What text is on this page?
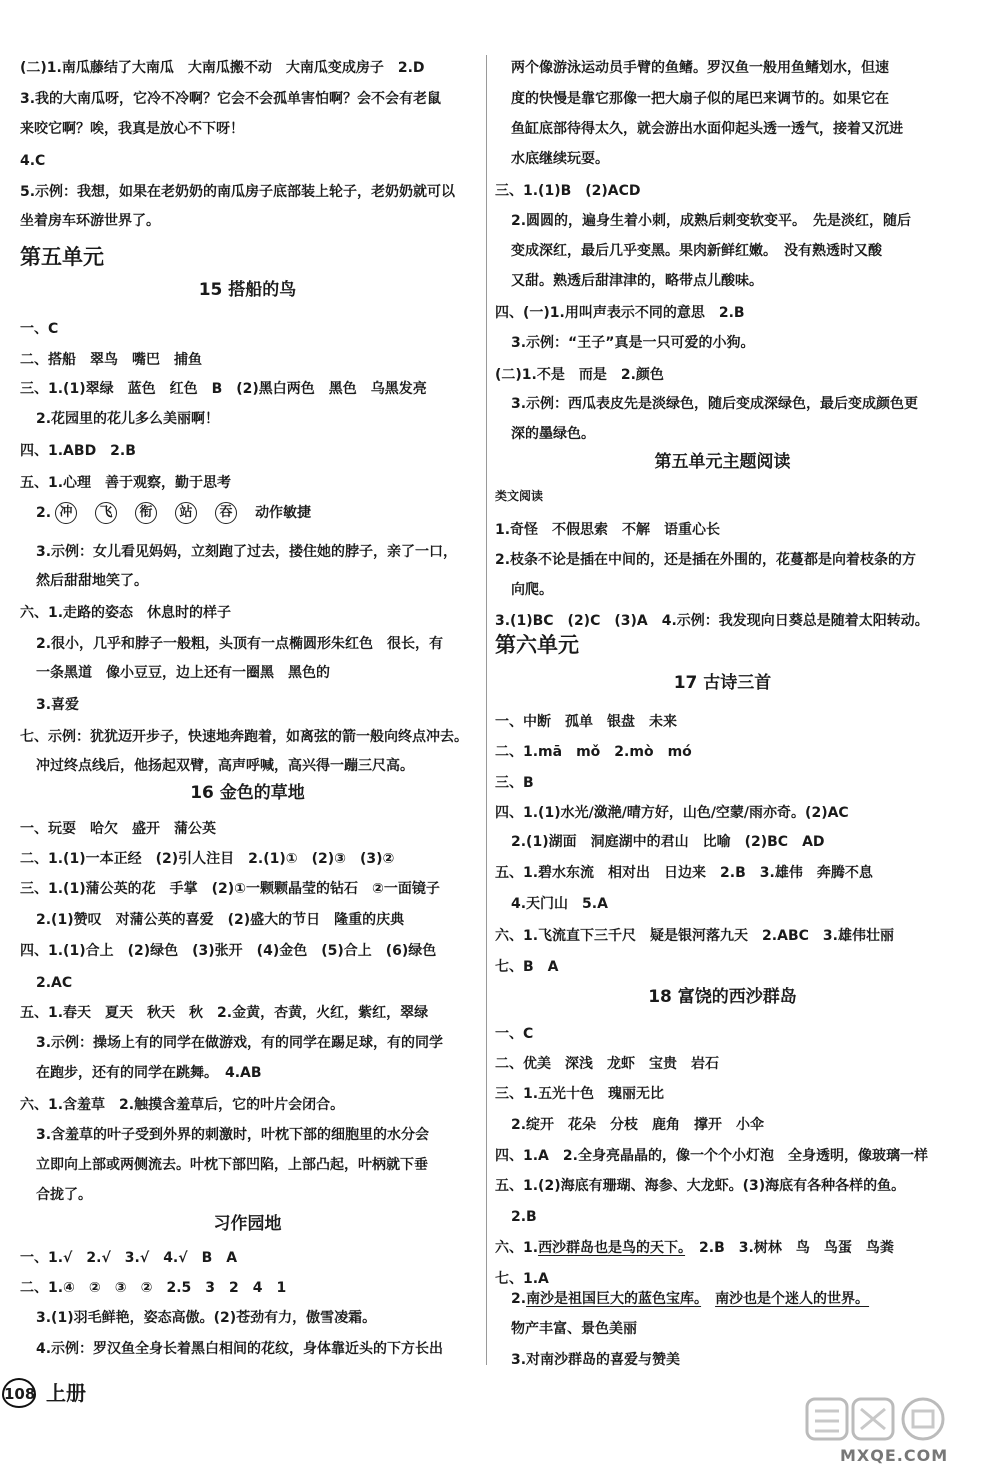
(二)1.南瓜藤结了大南瓜　大南瓜搬不动　大南瓜变成房子　2.D
3.我的大南瓜呀，它冷不冷啊？它会不会孤单害怕啊？会不会有老鼠
来咬它啊？唉，我真是放心不下呀！
4.C
5.示例：我想，如果在老奶奶的南瓜房子底部装上轮子，老奶奶就可以
坐着房车环游世界了。
第五单元
15 搭船的鸟
一、C
二、搭船　翠鸟　嘴巴　捕鱼
三、1.(1)翠绿　蓝色　红色　B　(2)黑白两色　黑色　乌黑发亮
2.花园里的花儿多么美丽啊！
四、1.ABD　2.B
五、1.心理　善于观察，勤于思考
2. 冲 飞 衔 站 吞 动作敏捷
3.示例：女儿看见妈妈，立刻跑了过去，搂住她的脖子，亲了一口，
然后甜甜地笑了。
六、1.走路的姿态　休息时的样子
2.很小，几乎和脖子一般粗，头顶有一点椭圆形朱红色　很长，有
一条黑道　像小豆豆，边上还有一圈黑　黑色的
3.喜爱
七、示例：犹犹迈开步子，快速地奔跑着，如离弦的箭一般向终点冲去。
冲过终点线后，他扬起双臂，高声呼喊，高兴得一蹦三尺高。
16 金色的草地
一、玩耍　哈欠　盛开　蒲公英
二、1.(1)一本正经　(2)引人注目　2.(1)①　(2)③　(3)②
三、1.(1)蒲公英的花　手掌　(2)①一颗颗晶莹的钻石　②一面镜子
2.(1)赞叹　对蒲公英的喜爱　(2)盛大的节日　隆重的庆典
四、1.(1)合上　(2)绿色　(3)张开　(4)金色　(5)合上　(6)绿色
2.AC
五、1.春天　夏天　秋天　秋　2.金黄，杏黄，火红，紫红，翠绿
3.示例：操场上有的同学在做游戏，有的同学在踢足球，有的同学
在跑步，还有的同学在跳舞。　4.AB
六、1.含羞草　2.触摸含羞草后，它的叶片会闭合。
3.含羞草的叶子受到外界的刺激时，叶枕下部的细胞里的水分会
立即向上部或两侧流去。叶枕下部凹陷，上部凸起，叶柄就下垂
合拢了。
习作园地
一、1.√　2.√　3.√　4.√　B　A
二、1.④　②　③　②　2.5　3　2　4　1
3.(1)羽毛鲜艳，姿态高傲。(2)苍劲有力，傲雪凌霜。
4.示例：罗汉鱼全身长着黑白相间的花纹，身体靠近头的下方长出
两个像游泳运动员手臂的鱼鳍。罗汉鱼一般用鱼鳍划水，但速
度的快慢是靠它那像一把大扇子似的尾巴来调节的。如果它在
鱼缸底部待得太久，就会游出水面仰起头透一透气，接着又沉进
水底继续玩耍。
三、1.(1)B　(2)ACD
2.圆圆的，遍身生着小刺，成熟后刺变软变平。　先是淡红，随后
变成深红，最后几乎变黑。果肉新鲜红嫩。　没有熟透时又酸
又甜。熟透后甜津津的，略带点儿酸味。
四、(一)1.用叫声表示不同的意思　2.B
3.示例：“王子”真是一只可爱的小狗。
(二)1.不是　而是　2.颜色
3.示例：西瓜表皮先是淡绿色，随后变成深绿色，最后变成颜色更
深的墨绿色。
第五单元主题阅读
类文阅读
1.奇怪　不假思索　不解　语重心长
2.枝条不论是插在中间的，还是插在外围的，花蔓都是向着枝条的方
向爬。
3.(1)BC　(2)C　(3)A　4.示例：我发现向日葵总是随着太阳转动。
第六单元
17 古诗三首
一、中断　孤单　银盘　未来
二、1.mā　mǒ　2.mò　mó
三、B
四、1.(1)水光/潋滟/晴方好，山色/空蒙/雨亦奇。(2)AC
2.(1)湖面　洞庭湖中的君山　比喻　(2)BC　AD
五、1.碧水东流　相对出　日边来　2.B　3.雄伟　奔腾不息
4.天门山　5.A
六、1.飞流直下三千尺　疑是银河落九天　2.ABC　3.雄伟壮丽
七、B　A
18 富饶的西沙群岛
一、C
二、优美　深浅　龙虾　宝贵　岩石
三、1.五光十色　瑰丽无比
2.绽开　花朵　分枝　鹿角　撑开　小伞
四、1.A　2.全身亮晶晶的，像一个个小灯泡　全身透明，像玻璃一样
五、1.(2)海底有珊瑚、海参、大龙虾。(3)海底有各种各样的鱼。
2.B
六、1.西沙群岛也是鸟的天下。　2.B　3.树林　鸟　鸟蛋　鸟粪
七、1.A
2.南沙是祖国巨大的蓝色宝库。　 南沙也是个迷人的世界。
物产丰富、景色美丽
3.对南沙群岛的喜爱与赞美
108 上册
MXQE.COM
